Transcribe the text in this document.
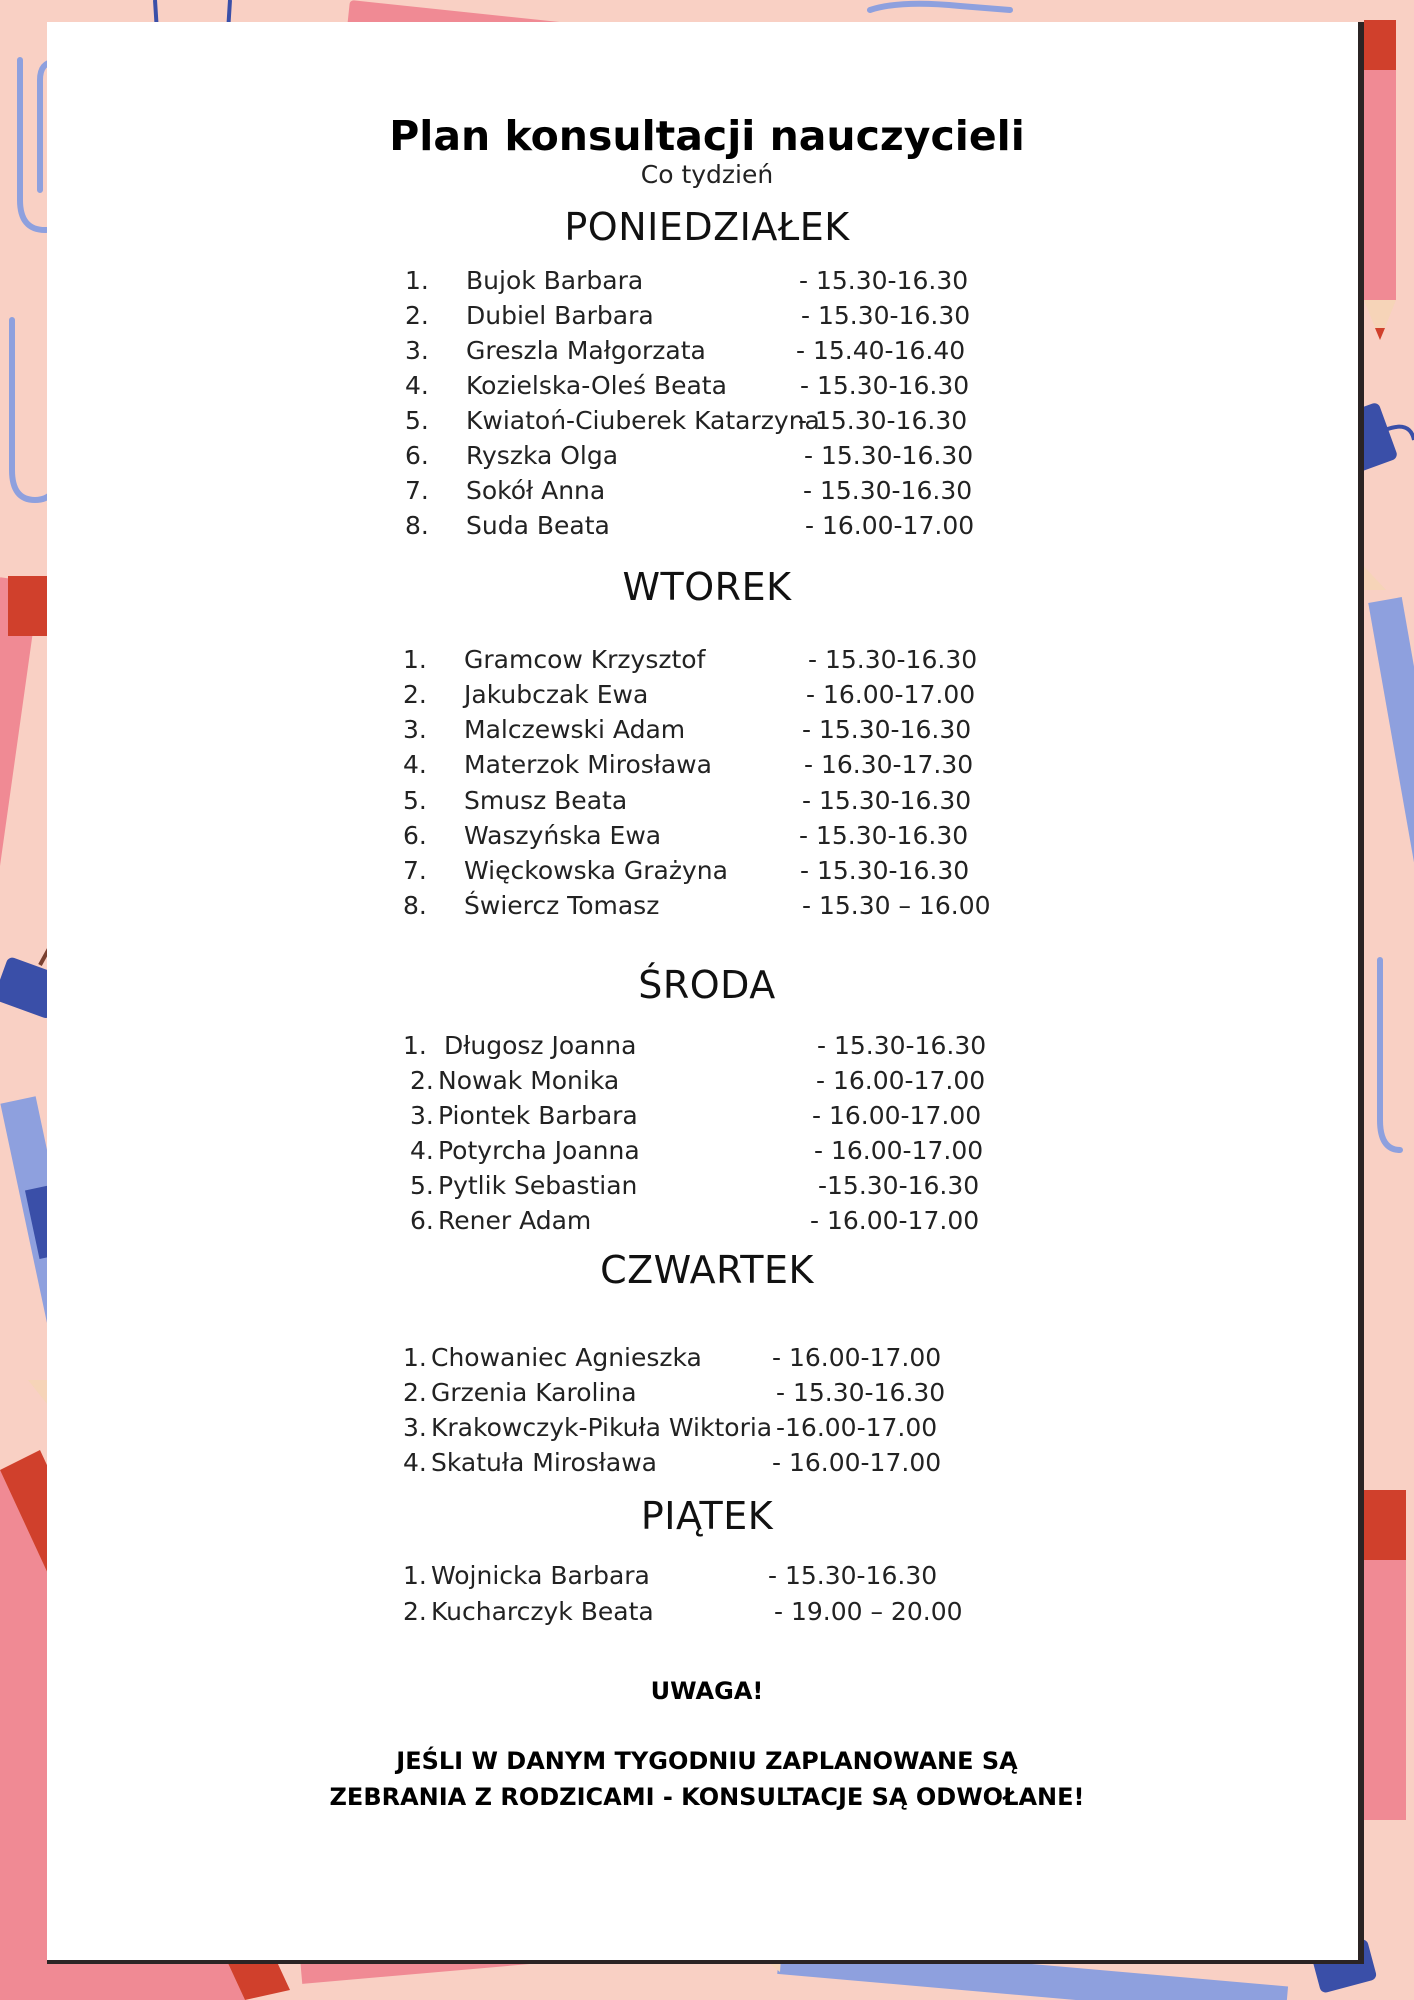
Plan konsultacji nauczycieli
Co tydzień
PONIEDZIAŁEK
WTOREK
ŚRODA
CZWARTEK
PIĄTEK
1. Bujok Barbara	- 15.30-16.30
2. Dubiel Barbara	- 15.30-16.30
3. Greszla Małgorzata	- 15.40-16.40
4. Kozielska-Oleś Beata	- 15.30-16.30
5. Kwiatoń-Ciuberek Katarzyna
- 15.30-16.30
6. Ryszka Olga	- 15.30-16.30
7. Sokół Anna	- 15.30-16.30
8. Suda Beata	- 16.00-17.00
1. Gramcow Krzysztof	- 15.30-16.30
2. Jakubczak Ewa	- 16.00-17.00
3. Malczewski Adam	- 15.30-16.30
4. Materzok Mirosława	- 16.30-17.30
5. Smusz Beata	- 15.30-16.30
6. Waszyńska Ewa	- 15.30-16.30
7. Więckowska Grażyna	- 15.30-16.30
8. Świercz Tomasz	- 15.30 – 16.00
1. Długosz Joanna	- 15.30-16.30
2. Nowak Monika	- 16.00-17.00
3. Piontek Barbara	- 16.00-17.00
4. Potyrcha Joanna	- 16.00-17.00
5. Pytlik Sebastian	-15.30-16.30
6. Rener Adam	- 16.00-17.00
1. Chowaniec Agnieszka	- 16.00-17.00
2. Grzenia Karolina	- 15.30-16.30
3. Krakowczyk-Pikuła Wiktoria -16.00-17.00
4. Skatuła Mirosława	- 16.00-17.00
1. Wojnicka Barbara	- 15.30-16.30
2. Kucharczyk Beata	- 19.00 – 20.00
UWAGA!
JEŚLI W DANYM TYGODNIU ZAPLANOWANE SĄ
ZEBRANIA Z RODZICAMI - KONSULTACJE SĄ ODWOŁANE!
